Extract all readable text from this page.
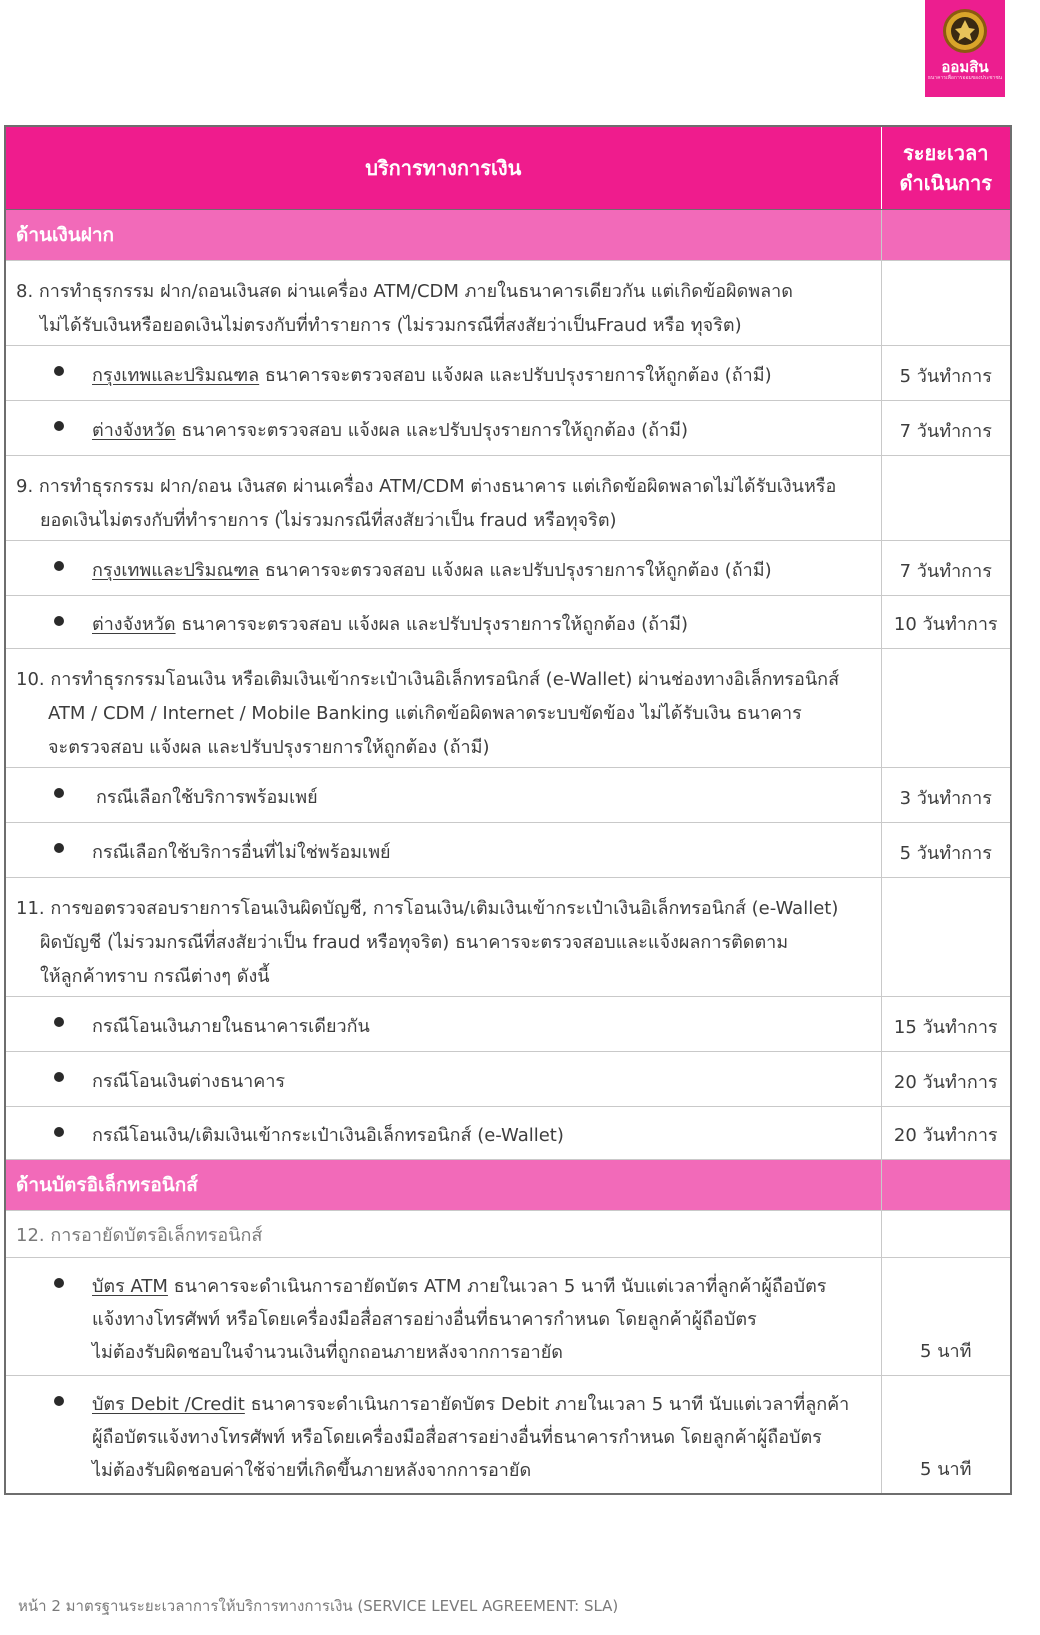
ออมสิน
ธนาคารเพื่อการออมของประชาชน
บริการทางการเงิน	ระยะเวลา
ดำเนินการ
ด้านเงินฝาก	

8. การทำธุรกรรม ฝาก/ถอนเงินสด ผ่านเครื่อง ATM/CDM ภายในธนาคารเดียวกัน แต่เกิดข้อผิดพลาด
ไม่ได้รับเงินหรือยอดเงินไม่ตรงกับที่ทำรายการ (ไม่รวมกรณีที่สงสัยว่าเป็นFraud หรือ ทุจริต)	

กรุงเทพและปริมณฑล ธนาคารจะตรวจสอบ แจ้งผล และปรับปรุงรายการให้ถูกต้อง (ถ้ามี)	5 วันทำการ

ต่างจังหวัด ธนาคารจะตรวจสอบ แจ้งผล และปรับปรุงรายการให้ถูกต้อง (ถ้ามี)	7 วันทำการ

9. การทำธุรกรรม ฝาก/ถอน เงินสด ผ่านเครื่อง ATM/CDM ต่างธนาคาร แต่เกิดข้อผิดพลาดไม่ได้รับเงินหรือ
ยอดเงินไม่ตรงกับที่ทำรายการ (ไม่รวมกรณีที่สงสัยว่าเป็น fraud หรือทุจริต)	

กรุงเทพและปริมณฑล ธนาคารจะตรวจสอบ แจ้งผล และปรับปรุงรายการให้ถูกต้อง (ถ้ามี)	7 วันทำการ

ต่างจังหวัด ธนาคารจะตรวจสอบ แจ้งผล และปรับปรุงรายการให้ถูกต้อง (ถ้ามี)	10 วันทำการ

10. การทำธุรกรรมโอนเงิน หรือเติมเงินเข้ากระเป๋าเงินอิเล็กทรอนิกส์ (e-Wallet) ผ่านช่องทางอิเล็กทรอนิกส์
ATM / CDM / Internet / Mobile Banking แต่เกิดข้อผิดพลาดระบบขัดข้อง ไม่ได้รับเงิน ธนาคาร
จะตรวจสอบ แจ้งผล และปรับปรุงรายการให้ถูกต้อง (ถ้ามี)	

กรณีเลือกใช้บริการพร้อมเพย์	3 วันทำการ

กรณีเลือกใช้บริการอื่นที่ไม่ใช่พร้อมเพย์	5 วันทำการ

11. การขอตรวจสอบรายการโอนเงินผิดบัญชี, การโอนเงิน/เติมเงินเข้ากระเป๋าเงินอิเล็กทรอนิกส์ (e-Wallet)
ผิดบัญชี (ไม่รวมกรณีที่สงสัยว่าเป็น fraud หรือทุจริต) ธนาคารจะตรวจสอบและแจ้งผลการติดตาม
ให้ลูกค้าทราบ กรณีต่างๆ ดังนี้	

กรณีโอนเงินภายในธนาคารเดียวกัน	15 วันทำการ

กรณีโอนเงินต่างธนาคาร	20 วันทำการ

กรณีโอนเงิน/เติมเงินเข้ากระเป๋าเงินอิเล็กทรอนิกส์ (e-Wallet)	20 วันทำการ
ด้านบัตรอิเล็กทรอนิกส์	

12. การอายัดบัตรอิเล็กทรอนิกส์	

บัตร ATM ธนาคารจะดำเนินการอายัดบัตร ATM ภายในเวลา 5 นาที นับแต่เวลาที่ลูกค้าผู้ถือบัตร
แจ้งทางโทรศัพท์ หรือโดยเครื่องมือสื่อสารอย่างอื่นที่ธนาคารกำหนด โดยลูกค้าผู้ถือบัตร
ไม่ต้องรับผิดชอบในจำนวนเงินที่ถูกถอนภายหลังจากการอายัด	5 นาที

บัตร Debit /Credit ธนาคารจะดำเนินการอายัดบัตร Debit ภายในเวลา 5 นาที นับแต่เวลาที่ลูกค้า
ผู้ถือบัตรแจ้งทางโทรศัพท์ หรือโดยเครื่องมือสื่อสารอย่างอื่นที่ธนาคารกำหนด โดยลูกค้าผู้ถือบัตร
ไม่ต้องรับผิดชอบค่าใช้จ่ายที่เกิดขึ้นภายหลังจากการอายัด	5 นาที
หน้า 2 มาตรฐานระยะเวลาการให้บริการทางการเงิน (SERVICE LEVEL AGREEMENT: SLA)
